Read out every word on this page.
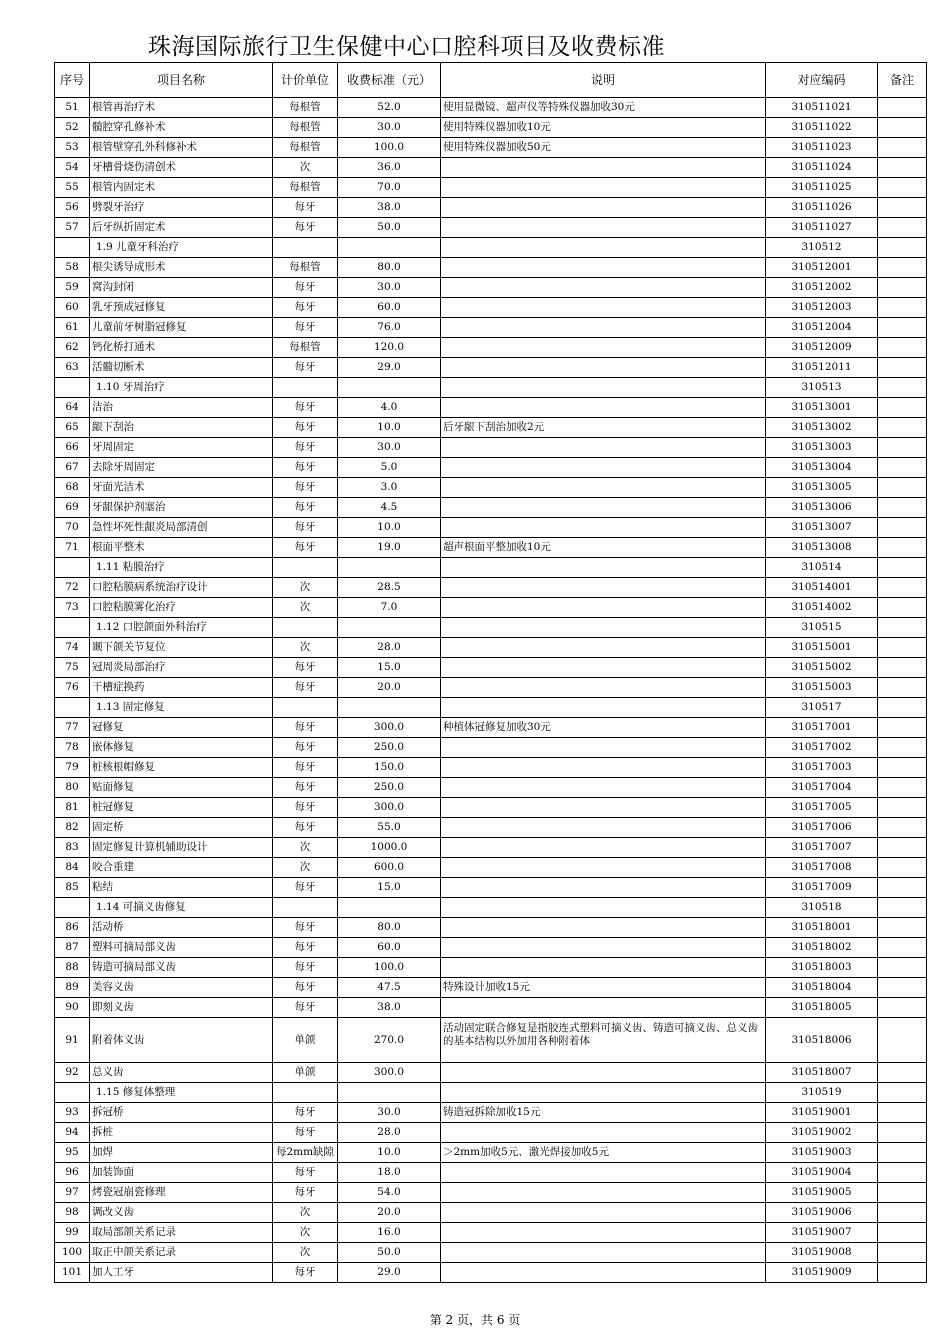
珠海国际旅行卫生保健中心口腔科项目及收费标准
序号	项目名称	计价单位	收费标准（元）	说明	对应编码	备注
51	根管再治疗术	每根管	52.0	使用显微镜、超声仪等特殊仪器加收30元	310511021	
52	髓腔穿孔修补术	每根管	30.0	使用特殊仪器加收10元	310511022	
53	根管壁穿孔外科修补术	每根管	100.0	使用特殊仪器加收50元	310511023	
54	牙槽骨烧伤清创术	次	36.0		310511024	
55	根管内固定术	每根管	70.0		310511025	
56	劈裂牙治疗	每牙	38.0		310511026	
57	后牙纵折固定术	每牙	50.0		310511027	
	1.9 儿童牙科治疗				310512	
58	根尖诱导成形术	每根管	80.0		310512001	
59	窝沟封闭	每牙	30.0		310512002	
60	乳牙预成冠修复	每牙	60.0		310512003	
61	儿童前牙树脂冠修复	每牙	76.0		310512004	
62	钙化桥打通术	每根管	120.0		310512009	
63	活髓切断术	每牙	29.0		310512011	
	1.10 牙周治疗				310513	
64	洁治	每牙	4.0		310513001	
65	龈下刮治	每牙	10.0	后牙龈下刮治加收2元	310513002	
66	牙周固定	每牙	30.0		310513003	
67	去除牙周固定	每牙	5.0		310513004	
68	牙面光洁术	每牙	3.0		310513005	
69	牙龈保护剂塞治	每牙	4.5		310513006	
70	急性坏死性龈炎局部清创	每牙	10.0		310513007	
71	根面平整术	每牙	19.0	超声根面平整加收10元	310513008	
	1.11 粘膜治疗				310514	
72	口腔粘膜病系统治疗设计	次	28.5		310514001	
73	口腔粘膜雾化治疗	次	7.0		310514002	
	1.12 口腔颌面外科治疗				310515	
74	颞下颌关节复位	次	28.0		310515001	
75	冠周炎局部治疗	每牙	15.0		310515002	
76	干槽症换药	每牙	20.0		310515003	
	1.13 固定修复				310517	
77	冠修复	每牙	300.0	种植体冠修复加收30元	310517001	
78	嵌体修复	每牙	250.0		310517002	
79	桩核根帽修复	每牙	150.0		310517003	
80	贴面修复	每牙	250.0		310517004	
81	桩冠修复	每牙	300.0		310517005	
82	固定桥	每牙	55.0		310517006	
83	固定修复计算机辅助设计	次	1000.0		310517007	
84	咬合重建	次	600.0		310517008	
85	粘结	每牙	15.0		310517009	
	1.14 可摘义齿修复				310518	
86	活动桥	每牙	80.0		310518001	
87	塑料可摘局部义齿	每牙	60.0		310518002	
88	铸造可摘局部义齿	每牙	100.0		310518003	
89	美容义齿	每牙	47.5	特殊设计加收15元	310518004	
90	即刻义齿	每牙	38.0		310518005	
91	附着体义齿	单颌	270.0	活动固定联合修复是指胶连式塑料可摘义齿、铸造可摘义齿、总义齿的基本结构以外加用各种附着体	310518006	
92	总义齿	单颌	300.0		310518007	
	1.15 修复体整理				310519	
93	拆冠桥	每牙	30.0	铸造冠拆除加收15元	310519001	
94	拆桩	每牙	28.0		310519002	
95	加焊	每2mm缺隙	10.0	＞2mm加收5元、激光焊接加收5元	310519003	
96	加装饰面	每牙	18.0		310519004	
97	烤瓷冠崩瓷修理	每牙	54.0		310519005	
98	调改义齿	次	20.0		310519006	
99	取局部颌关系记录	次	16.0		310519007	
100	取正中颌关系记录	次	50.0		310519008	
101	加人工牙	每牙	29.0		310519009	
第 2 页，共 6 页
